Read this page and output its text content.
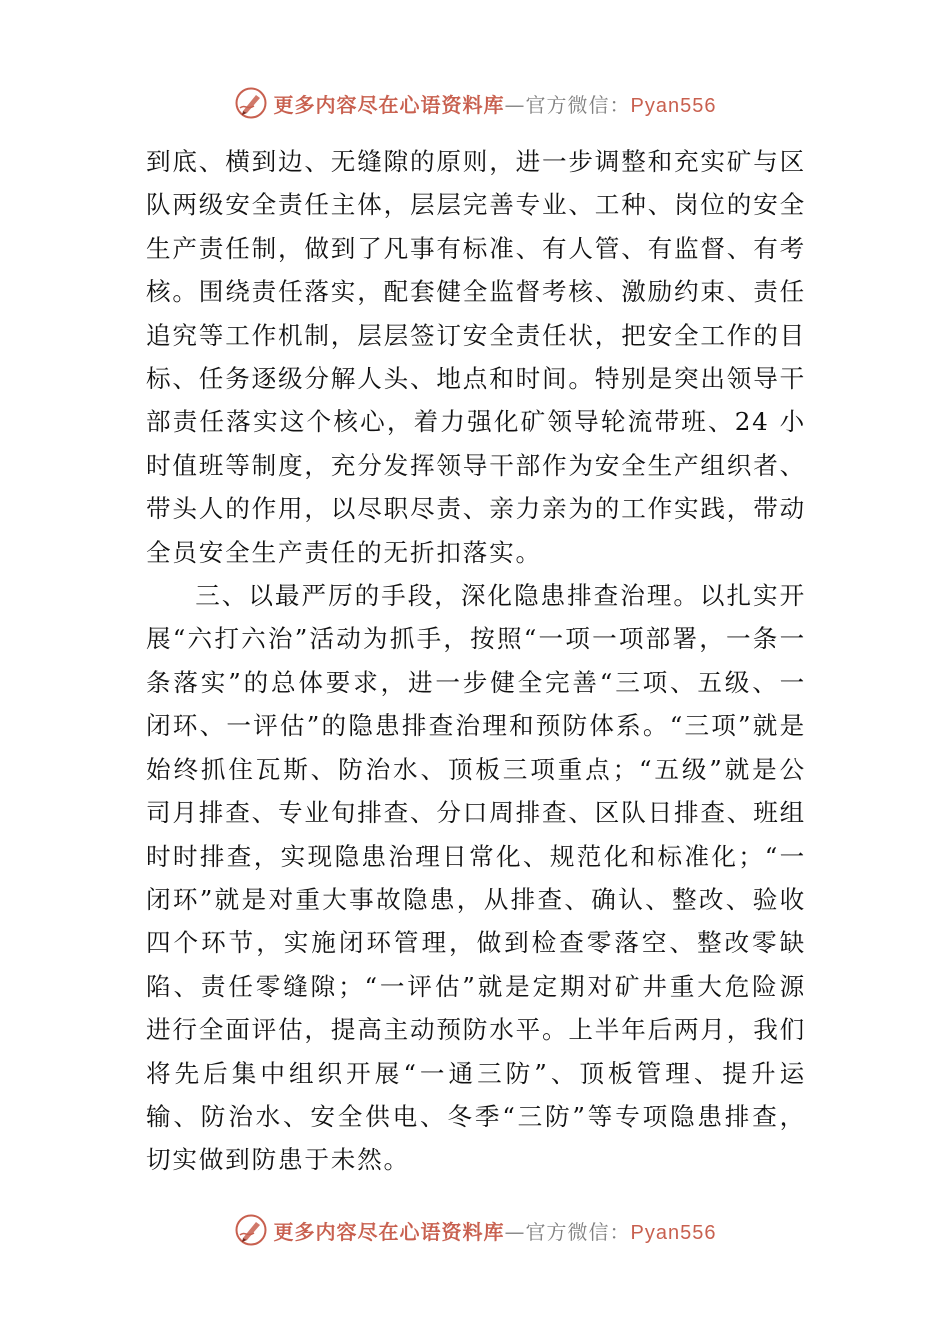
更多内容尽在心语资料库—官方微信：Pyan556

到底、横到边、无缝隙的原则，进一步调整和充实矿与区队两级安全责任主体，层层完善专业、工种、岗位的安全生产责任制，做到了凡事有标准、有人管、有监督、有考核。围绕责任落实，配套健全监督考核、激励约束、责任追究等工作机制，层层签订安全责任状，把安全工作的目标、任务逐级分解人头、地点和时间。特别是突出领导干部责任落实这个核心，着力强化矿领导轮流带班、24 小时值班等制度，充分发挥领导干部作为安全生产组织者、带头人的作用，以尽职尽责、亲力亲为的工作实践，带动全员安全生产责任的无折扣落实。

三、以最严厉的手段，深化隐患排查治理。以扎实开展“六打六治”活动为抓手，按照“一项一项部署，一条一条落实”的总体要求，进一步健全完善“三项、五级、一闭环、一评估”的隐患排查治理和预防体系。“三项”就是始终抓住瓦斯、防治水、顶板三项重点；“五级”就是公司月排查、专业旬排查、分口周排查、区队日排查、班组时时排查，实现隐患治理日常化、规范化和标准化；“一闭环”就是对重大事故隐患，从排查、确认、整改、验收四个环节，实施闭环管理，做到检查零落空、整改零缺陷、责任零缝隙；“一评估”就是定期对矿井重大危险源进行全面评估，提高主动预防水平。上半年后两月，我们将先后集中组织开展“一通三防”、顶板管理、提升运输、防治水、安全供电、冬季“三防”等专项隐患排查，切实做到防患于未然。

更多内容尽在心语资料库—官方微信：Pyan556
